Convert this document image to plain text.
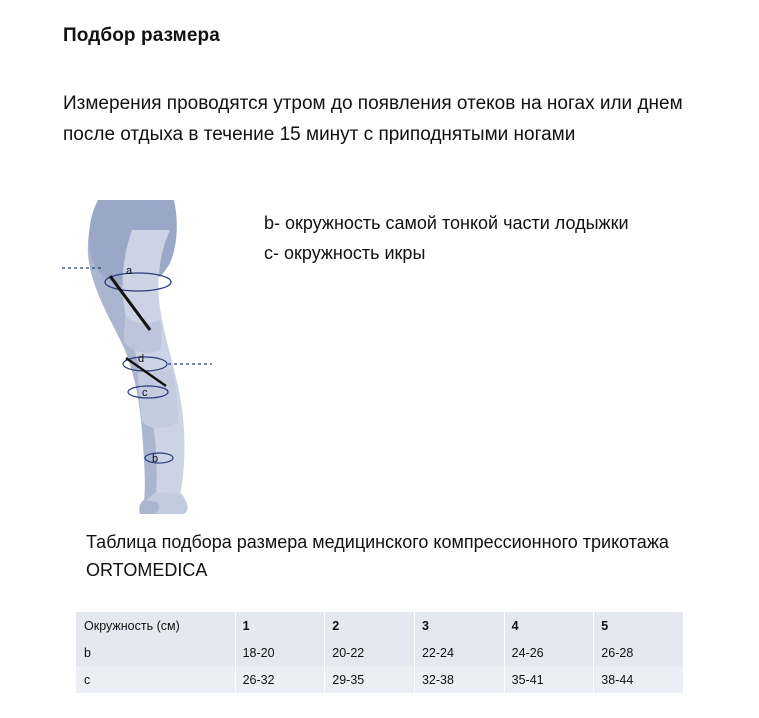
Подбор размера
Измерения проводятся утром до появления отеков на ногах или днем после отдыха в течение 15 минут с приподнятыми ногами
a
d
c
b
b- окружность самой тонкой части лодыжки
c- окружность икры
Таблица подбора размера медицинского компрессионного трикотажа ORTOMEDICA
Окружность (см)	1	2	3	4	5
b	18-20	20-22	22-24	24-26	26-28
c	26-32	29-35	32-38	35-41	38-44
